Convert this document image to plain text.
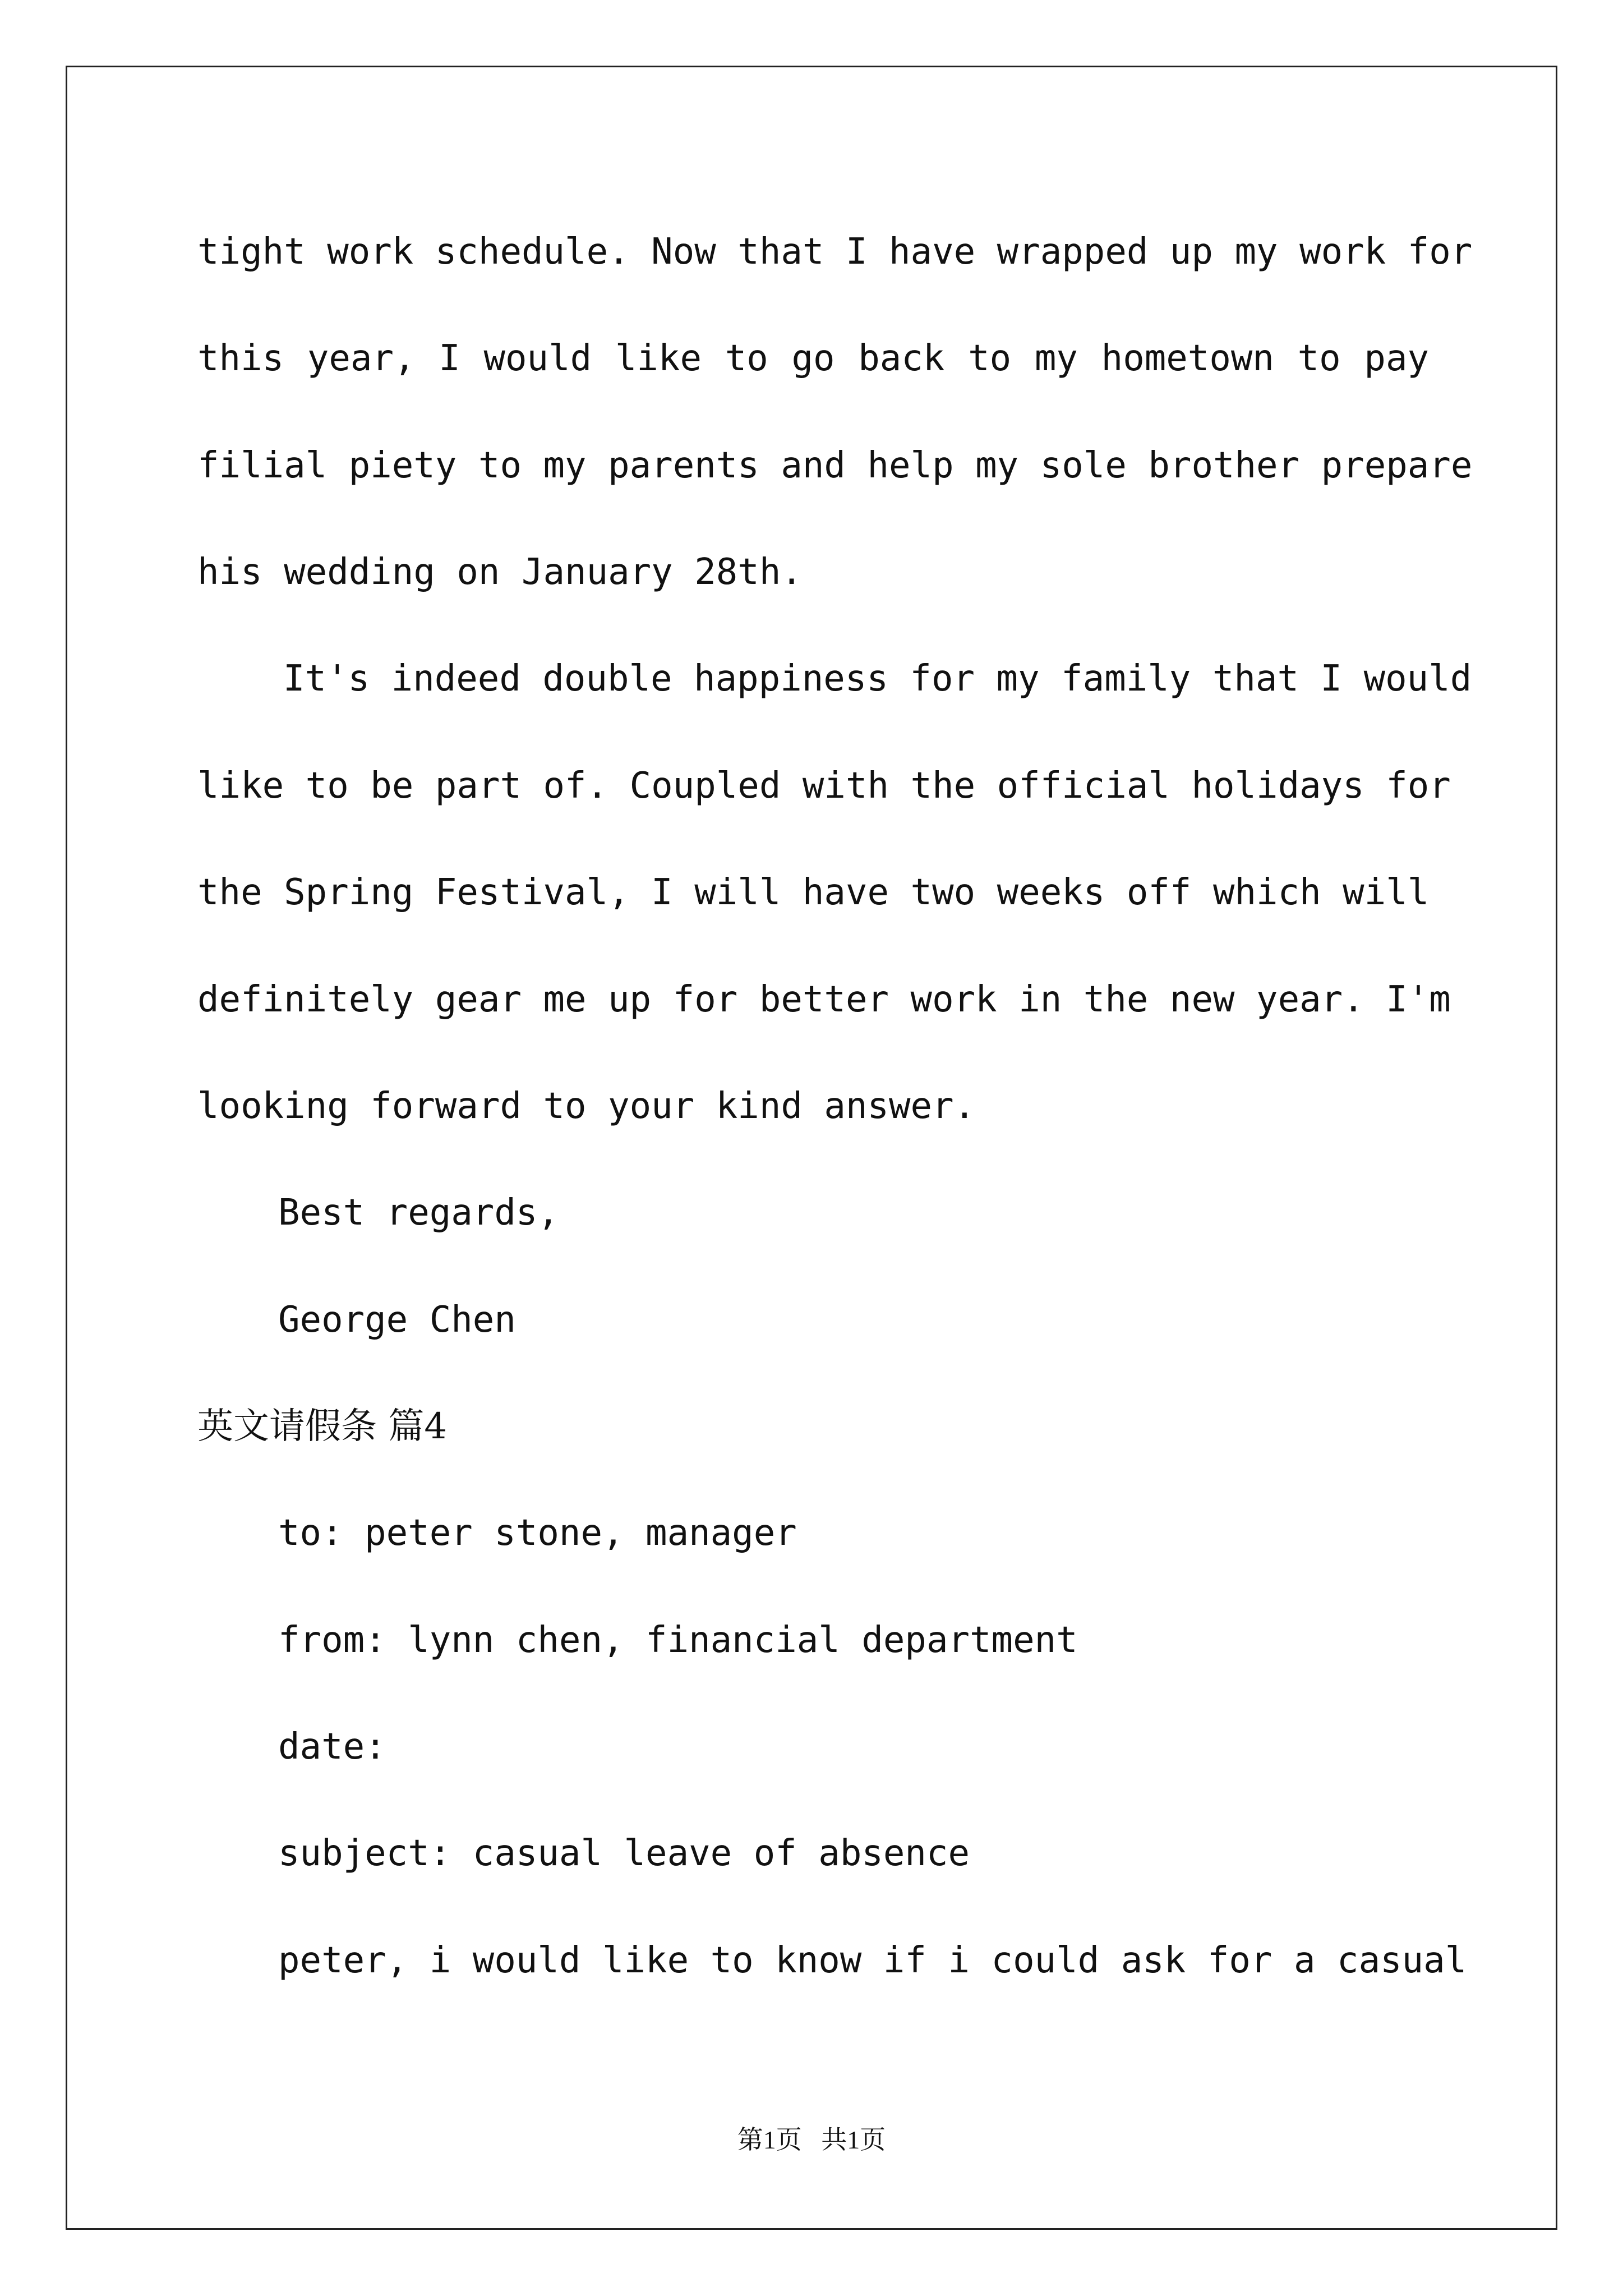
tight work schedule. Now that I have wrapped up my work for
this year, I would like to go back to my hometown to pay
filial piety to my parents and help my sole brother prepare
his wedding on January 28th.
It's indeed double happiness for my family that I would
like to be part of. Coupled with the official holidays for
the Spring Festival, I will have two weeks off which will
definitely gear me up for better work in the new year. I'm
looking forward to your kind answer.
Best regards,
George Chen
英文请假条 篇4
to: peter stone, manager
from: lynn chen, financial department
date:
subject: casual leave of absence
peter, i would like to know if i could ask for a casual
第1页   共1页
